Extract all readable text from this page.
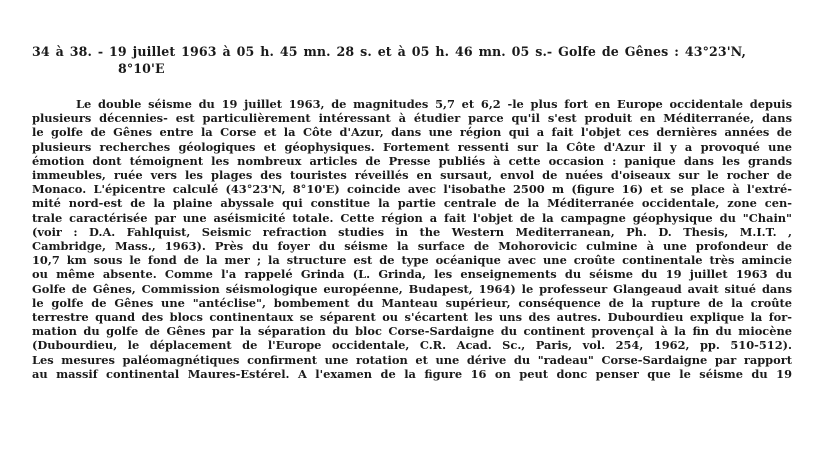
34 à 38. - 19 juillet 1963 à 05 h. 45 mn. 28 s. et à 05 h. 46 mn. 05 s.- Golfe de Gênes : 43°23'N,
8°10'E
Le double séisme du 19 juillet 1963, de magnitudes 5,7 et 6,2 -le plus fort en Europe occidentale depuis
plusieurs décennies- est particulièrement intéressant à étudier parce qu'il s'est produit en Méditerranée, dans
le golfe de Gênes entre la Corse et la Côte d'Azur, dans une région qui a fait l'objet ces dernières années de
plusieurs recherches géologiques et géophysiques. Fortement ressenti sur la Côte d'Azur il y a provoqué une
émotion dont témoignent les nombreux articles de Presse publiés à cette occasion : panique dans les grands
immeubles, ruée vers les plages des touristes réveillés en sursaut, envol de nuées d'oiseaux sur le rocher de
Monaco. L'épicentre calculé (43°23'N, 8°10'E) coincide avec l'isobathe 2500 m (figure 16) et se place à l'extré-
mité nord-est de la plaine abyssale qui constitue la partie centrale de la Méditerranée occidentale, zone cen-
trale caractérisée par une aséismicité totale. Cette région a fait l'objet de la campagne géophysique du "Chain"
(voir : D.A. Fahlquist, Seismic refraction studies in the Western Mediterranean, Ph. D. Thesis, M.I.T. ,
Cambridge, Mass., 1963). Près du foyer du séisme la surface de Mohorovicic culmine à une profondeur de
10,7 km sous le fond de la mer ; la structure est de type océanique avec une croûte continentale très amincie
ou même absente. Comme l'a rappelé Grinda (L. Grinda, les enseignements du séisme du 19 juillet 1963 du
Golfe de Gênes, Commission séismologique européenne, Budapest, 1964) le professeur Glangeaud avait situé dans
le golfe de Gênes une "antéclise", bombement du Manteau supérieur, conséquence de la rupture de la croûte
terrestre quand des blocs continentaux se séparent ou s'écartent les uns des autres. Dubourdieu explique la for-
mation du golfe de Gênes par la séparation du bloc Corse-Sardaigne du continent provençal à la fin du miocène
(Dubourdieu, le déplacement de l'Europe occidentale, C.R. Acad. Sc., Paris, vol. 254, 1962, pp. 510-512).
Les mesures paléomagnétiques confirment une rotation et une dérive du "radeau" Corse-Sardaigne par rapport
au massif continental Maures-Estérel. A l'examen de la figure 16 on peut donc penser que le séisme du 19
